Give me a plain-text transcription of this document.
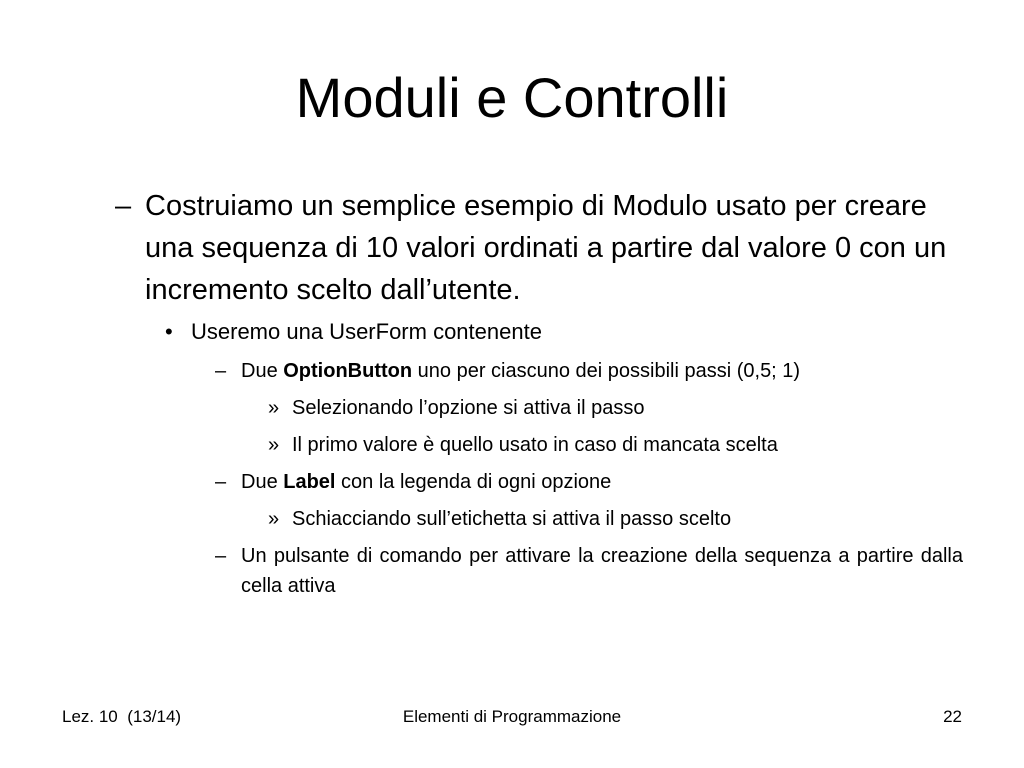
Moduli e Controlli
– Costruiamo un semplice esempio di Modulo usato per creare una sequenza di 10 valori ordinati a partire dal valore 0 con un incremento scelto dall’utente.
• Useremo una UserForm contenente
– Due OptionButton uno per ciascuno dei possibili passi (0,5; 1)
» Selezionando l’opzione si attiva il passo
» Il primo valore è quello usato in caso di mancata scelta
– Due Label con la legenda di ogni opzione
» Schiacciando sull’etichetta si attiva il passo scelto
– Un pulsante di comando per attivare la creazione della sequenza a partire dalla cella attiva
Elementi di Programmazione
Lez. 10  (13/14)	22
